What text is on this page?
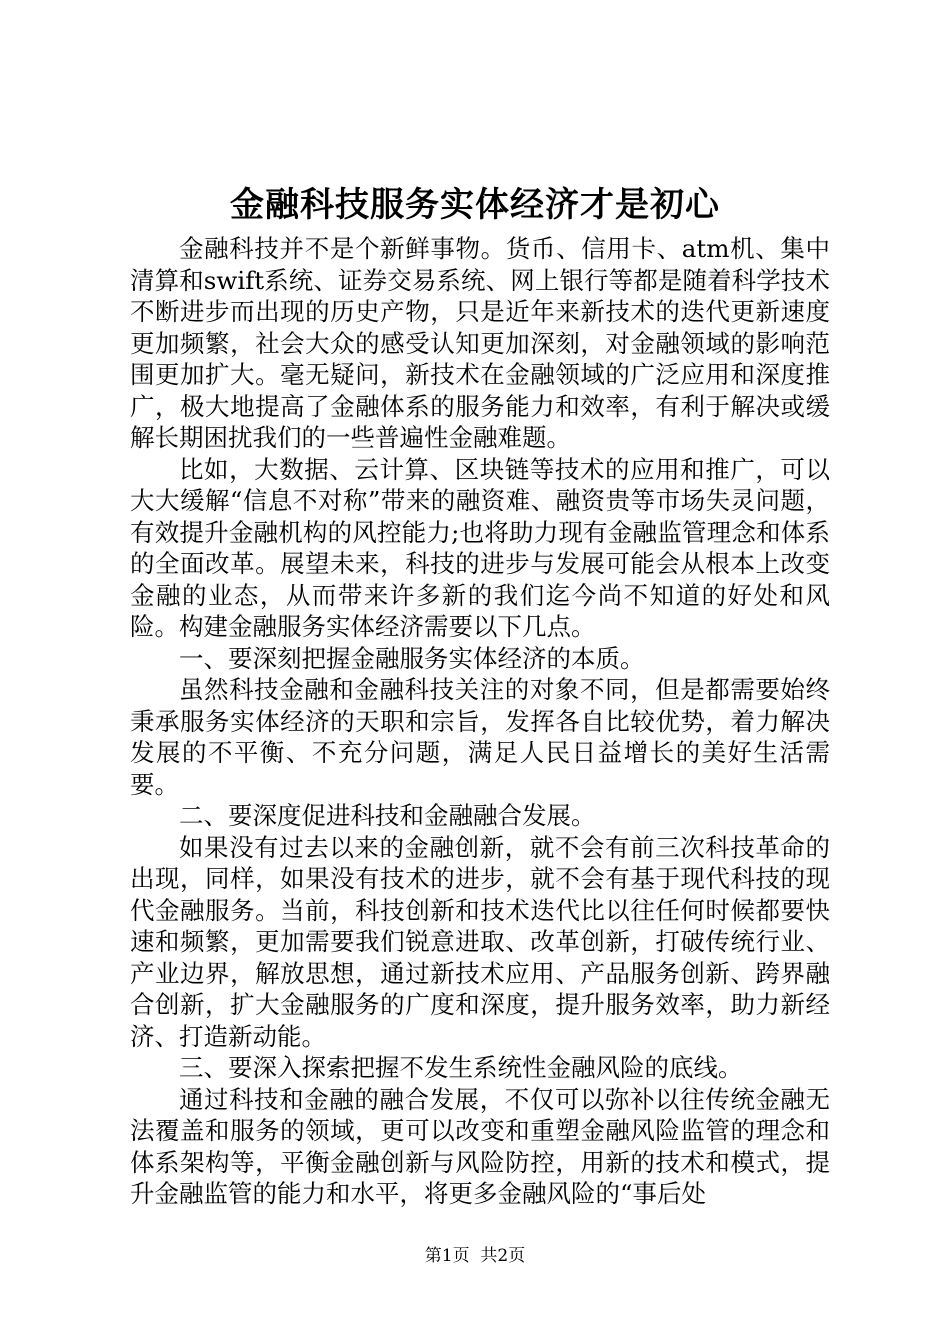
金融科技服务实体经济才是初心

金融科技并不是个新鲜事物。货币、信用卡、atm机、集中清算和swift系统、证券交易系统、网上银行等都是随着科学技术不断进步而出现的历史产物，只是近年来新技术的迭代更新速度更加频繁，社会大众的感受认知更加深刻，对金融领域的影响范围更加扩大。毫无疑问，新技术在金融领域的广泛应用和深度推广，极大地提高了金融体系的服务能力和效率，有利于解决或缓解长期困扰我们的一些普遍性金融难题。

比如，大数据、云计算、区块链等技术的应用和推广，可以大大缓解“信息不对称”带来的融资难、融资贵等市场失灵问题，有效提升金融机构的风控能力;也将助力现有金融监管理念和体系的全面改革。展望未来，科技的进步与发展可能会从根本上改变金融的业态，从而带来许多新的我们迄今尚不知道的好处和风险。构建金融服务实体经济需要以下几点。

一、要深刻把握金融服务实体经济的本质。

虽然科技金融和金融科技关注的对象不同，但是都需要始终秉承服务实体经济的天职和宗旨，发挥各自比较优势，着力解决发展的不平衡、不充分问题，满足人民日益增长的美好生活需要。

二、要深度促进科技和金融融合发展。

如果没有过去以来的金融创新，就不会有前三次科技革命的出现，同样，如果没有技术的进步，就不会有基于现代科技的现代金融服务。当前，科技创新和技术迭代比以往任何时候都要快速和频繁，更加需要我们锐意进取、改革创新，打破传统行业、产业边界，解放思想，通过新技术应用、产品服务创新、跨界融合创新，扩大金融服务的广度和深度，提升服务效率，助力新经济、打造新动能。

三、要深入探索把握不发生系统性金融风险的底线。

通过科技和金融的融合发展，不仅可以弥补以往传统金融无法覆盖和服务的领域，更可以改变和重塑金融风险监管的理念和体系架构等，平衡金融创新与风险防控，用新的技术和模式，提升金融监管的能力和水平，将更多金融风险的“事后处

第1页 共2页
